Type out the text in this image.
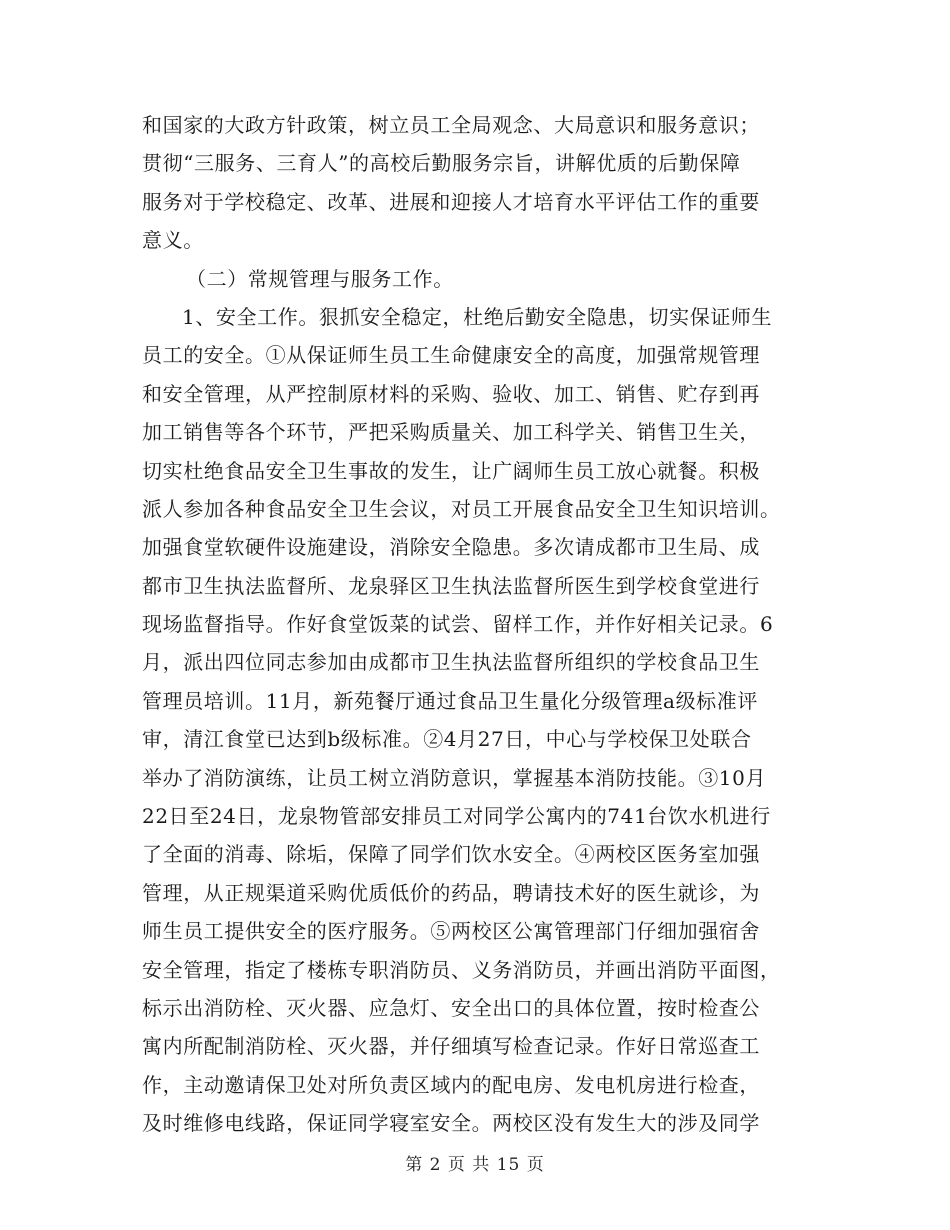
和国家的大政方针政策，树立员工全局观念、大局意识和服务意识；
贯彻“三服务、三育人”的高校后勤服务宗旨，讲解优质的后勤保障
服务对于学校稳定、改革、进展和迎接人才培育水平评估工作的重要
意义。
（二）常规管理与服务工作。
1、安全工作。狠抓安全稳定，杜绝后勤安全隐患，切实保证师生
员工的安全。①从保证师生员工生命健康安全的高度，加强常规管理
和安全管理，从严控制原材料的采购、验收、加工、销售、贮存到再
加工销售等各个环节，严把采购质量关、加工科学关、销售卫生关，
切实杜绝食品安全卫生事故的发生，让广阔师生员工放心就餐。积极
派人参加各种食品安全卫生会议，对员工开展食品安全卫生知识培训。
加强食堂软硬件设施建设，消除安全隐患。多次请成都市卫生局、成
都市卫生执法监督所、龙泉驿区卫生执法监督所医生到学校食堂进行
现场监督指导。作好食堂饭菜的试尝、留样工作，并作好相关记录。6
月，派出四位同志参加由成都市卫生执法监督所组织的学校食品卫生
管理员培训。11月，新苑餐厅通过食品卫生量化分级管理a级标准评
审，清江食堂已达到b级标准。②4月27日，中心与学校保卫处联合
举办了消防演练，让员工树立消防意识，掌握基本消防技能。③10月
22日至24日，龙泉物管部安排员工对同学公寓内的741台饮水机进行
了全面的消毒、除垢，保障了同学们饮水安全。④两校区医务室加强
管理，从正规渠道采购优质低价的药品，聘请技术好的医生就诊，为
师生员工提供安全的医疗服务。⑤两校区公寓管理部门仔细加强宿舍
安全管理，指定了楼栋专职消防员、义务消防员，并画出消防平面图，
标示出消防栓、灭火器、应急灯、安全出口的具体位置，按时检查公
寓内所配制消防栓、灭火器，并仔细填写检查记录。作好日常巡查工
作，主动邀请保卫处对所负责区域内的配电房、发电机房进行检查，
及时维修电线路，保证同学寝室安全。两校区没有发生大的涉及同学
第 2 页 共 15 页
